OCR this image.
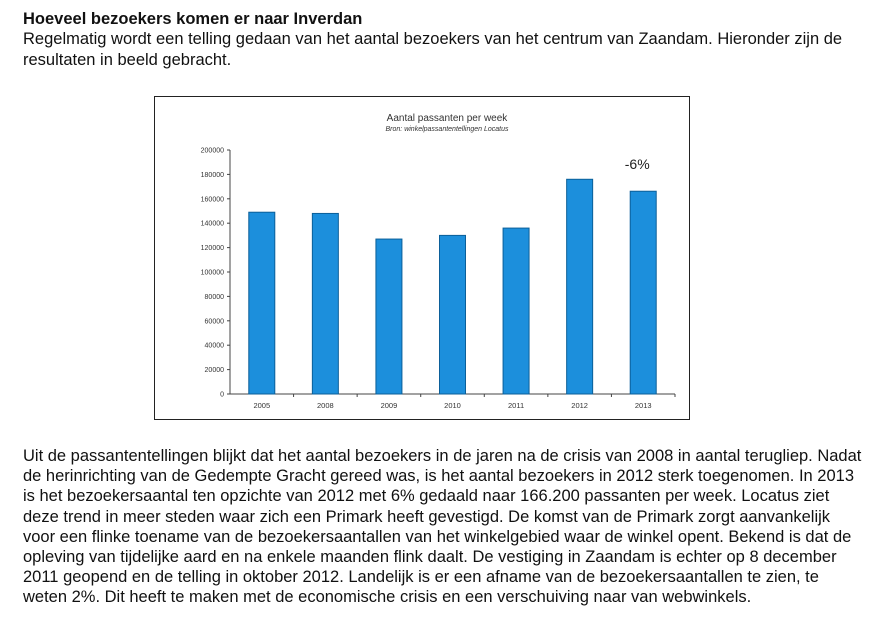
Hoeveel bezoekers komen er naar Inverdan
Regelmatig wordt een telling gedaan van het aantal bezoekers van het centrum van Zaandam. Hieronder zijn de resultaten in beeld gebracht.
Aantal passanten per week
Bron: winkelpassantentellingen Locatus
0
20000
40000
60000
80000
100000
120000
140000
160000
180000
200000
2005	2008	2009	2010	2011	2012	2013
-6%
Uit de passantentellingen blijkt dat het aantal bezoekers in de jaren na de crisis van 2008 in aantal terugliep. Nadat de herinrichting van de Gedempte Gracht gereed was, is het aantal bezoekers in 2012 sterk toegenomen. In 2013 is het bezoekersaantal ten opzichte van 2012 met 6% gedaald naar 166.200 passanten per week. Locatus ziet deze trend in meer steden waar zich een Primark heeft gevestigd. De komst van de Primark zorgt aanvankelijk voor een flinke toename van de bezoekersaantallen van het winkelgebied waar de winkel opent. Bekend is dat de opleving van tijdelijke aard en na enkele maanden flink daalt. De vestiging in Zaandam is echter op 8 december 2011 geopend en de telling in oktober 2012. Landelijk is er een afname van de bezoekersaantallen te zien, te weten 2%. Dit heeft te maken met de economische crisis en een verschuiving naar van webwinkels.
